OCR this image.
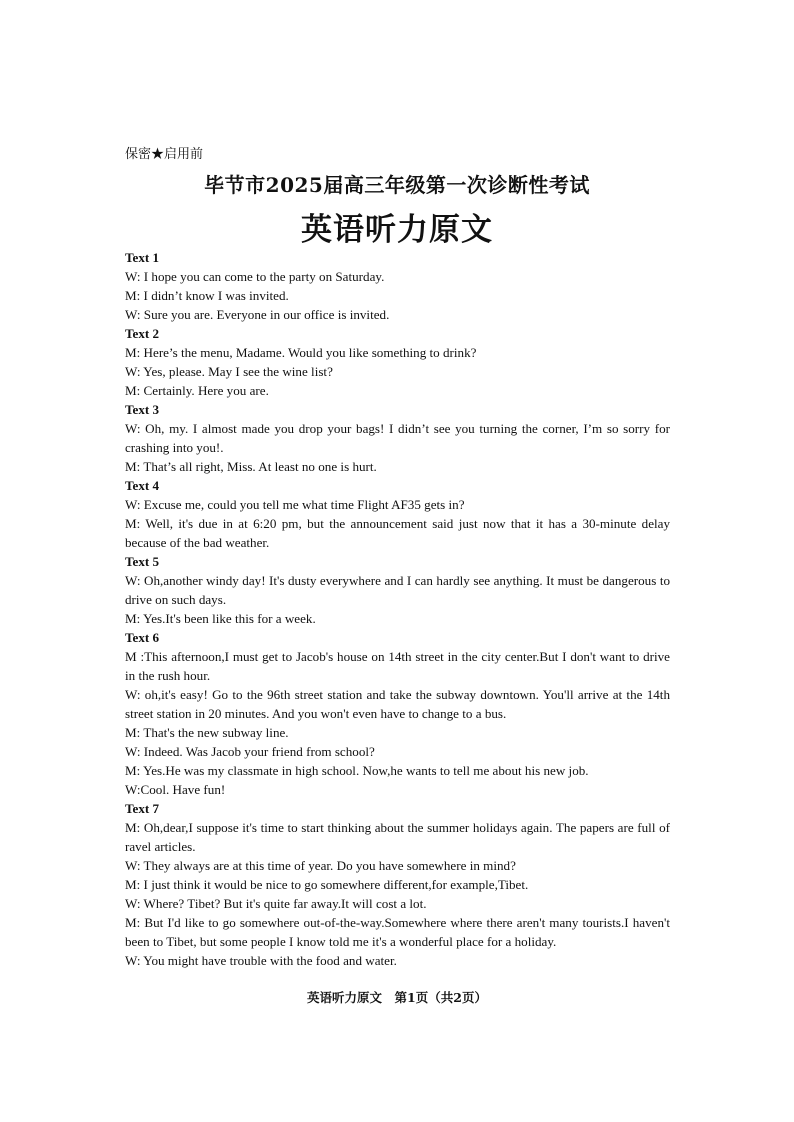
保密★启用前
毕节市2025届高三年级第一次诊断性考试
英语听力原文
Text 1
W: I hope you can come to the party on Saturday.
M: I didn’t know I was invited.
W: Sure you are. Everyone in our office is invited.
Text 2
M: Here’s the menu, Madame. Would you like something to drink?
W: Yes, please. May I see the wine list?
M: Certainly. Here you are.
Text 3
W: Oh, my. I almost made you drop your bags! I didn’t see you turning the corner, I’m so sorry for crashing into you!.
M: That’s all right, Miss. At least no one is hurt.
Text 4
W: Excuse me, could you tell me what time Flight AF35 gets in?
M: Well, it's due in at 6:20 pm, but the announcement said just now that it has a 30-minute delay because of the bad weather.
Text 5
W: Oh,another windy day! It's dusty everywhere and I can hardly see anything. It must be dangerous to drive on such days.
M: Yes.It's been like this for a week.
Text 6
M :This afternoon,I must get to Jacob's house on 14th street in the city center.But I don't want to drive in the rush hour.
W: oh,it's easy! Go to the 96th street station and take the subway downtown. You'll arrive at the 14th street station in 20 minutes. And you won't even have to change to a bus.
M: That's the new subway line.
W: Indeed. Was Jacob your friend from school?
M: Yes.He was my classmate in high school. Now,he wants to tell me about his new job.
W:Cool. Have fun!
Text 7
M: Oh,dear,I suppose it's time to start thinking about the summer holidays again. The papers are full of ravel articles.
W: They always are at this time of year. Do you have somewhere in mind?
M: I just think it would be nice to go somewhere different,for example,Tibet.
W: Where? Tibet? But it's quite far away.It will cost a lot.
M: But I'd like to go somewhere out-of-the-way.Somewhere where there aren't many tourists.I haven't been to Tibet, but some people I know told me it's a wonderful place for a holiday.
W: You might have trouble with the food and water.
英语听力原文　第1页（共2页）
